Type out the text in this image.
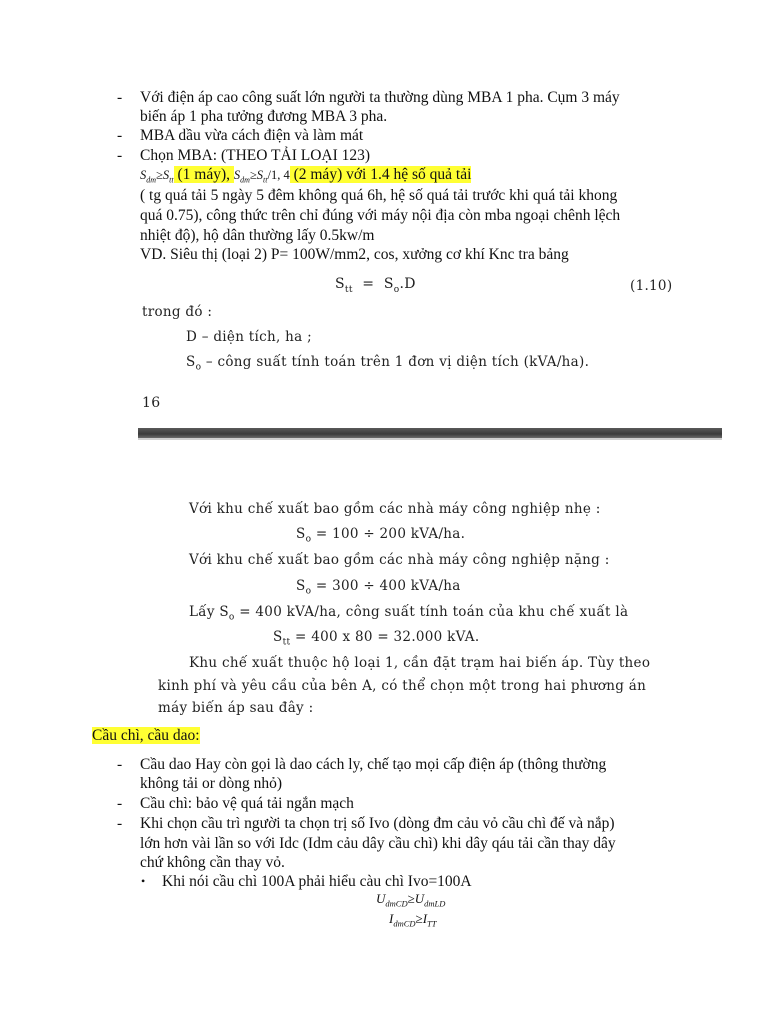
- Với điện áp cao công suất lớn người ta thường dùng MBA 1 pha. Cụm 3 máy
biến áp 1 pha tưởng đương MBA 3 pha.
- MBA dầu vừa cách điện và làm mát
- Chọn MBA: (THEO TẢI LOẠI 123)
$S_{dm}\ge S_{tt}$ (1 máy), $S_{dm}\ge S_{tt}/1$, 4 (2 máy) với 1.4 hệ số quả tải
( tg quá tải 5 ngày 5 đêm không quá 6h, hệ số quá tải trước khi quá tải khong
quá 0.75), công thức trên chỉ đúng với máy nội địa còn mba ngoại chênh lệch
nhiệt độ), hộ dân thường lấy 0.5kw/m
VD. Siêu thị (loại 2) P= 100W/mm2, cos, xưởng cơ khí Knc tra bảng
$S_{tt} = S_o.D$	(1.10)
trong đó :
D – diện tích, ha ;
$S_o$ – công suất tính toán trên 1 đơn vị diện tích (kVA/ha).
16
Với khu chế xuất bao gồm các nhà máy công nghiệp nhẹ :
$S_o = 100 \div 200$ kVA/ha.
Với khu chế xuất bao gồm các nhà máy công nghiệp nặng :
$S_o = 300 \div 400$ kVA/ha
Lấy $S_o = 400$ kVA/ha, công suất tính toán của khu chế xuất là
$S_{tt} = 400$ x 80 = 32.000 kVA.
Khu chế xuất thuộc hộ loại 1, cần đặt trạm hai biến áp. Tùy theo
kinh phí và yêu cầu của bên A, có thể chọn một trong hai phương án
máy biến áp sau đây :
Cầu chì, cầu dao:
- Cầu dao Hay còn gọi là dao cách ly, chế tạo mọi cấp điện áp (thông thường
không tải or dòng nhỏ)
- Cầu chì: bảo vệ quá tải ngắn mạch
- Khi chọn cầu trì người ta chọn trị số Ivo (dòng đm cảu vỏ cầu chì đế và nắp)
lớn hơn vài lần so với Idc (Idm cảu dây cầu chì) khi dây qáu tải cần thay dây
chứ không cần thay vỏ.
• Khi nói cầu chì 100A phải hiểu càu chì Ivo=100A
$U_{dmCD}\ge U_{dmLD}$
$I_{dmCD}\ge I_{TT}$
